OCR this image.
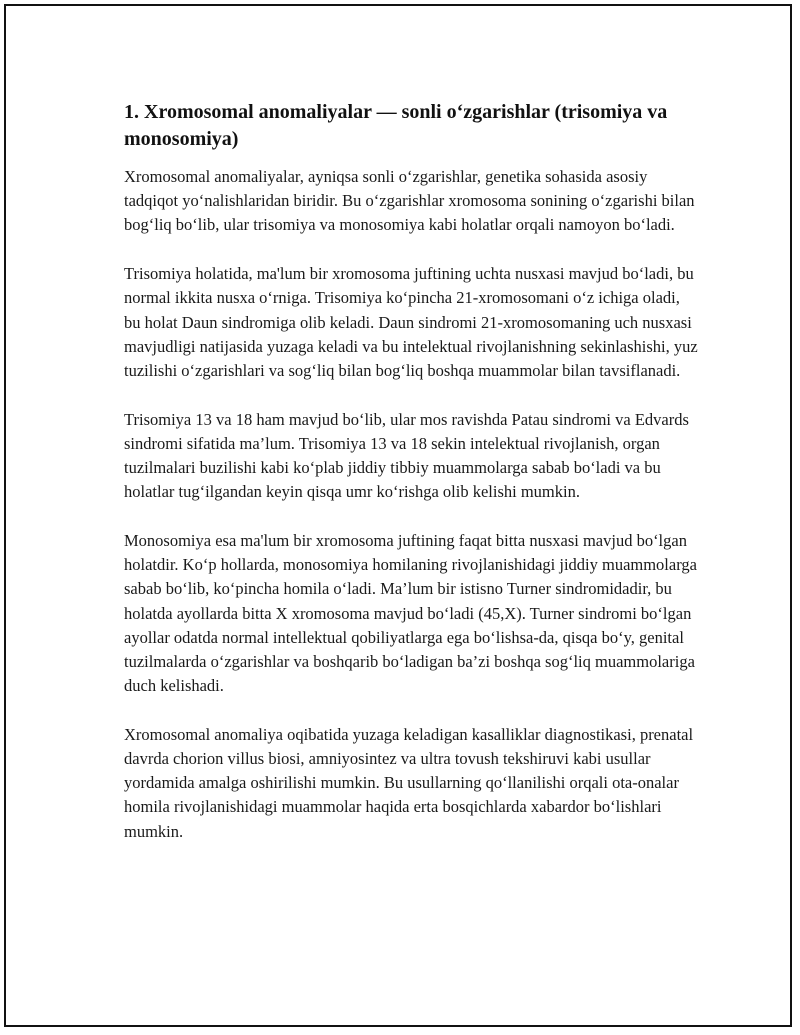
1. Xromosomal anomaliyalar — sonli o‘zgarishlar (trisomiya va monosomiya)

Xromosomal anomaliyalar, ayniqsa sonli o‘zgarishlar, genetika sohasida asosiy tadqiqot yo‘nalishlaridan biridir. Bu o‘zgarishlar xromosoma sonining o‘zgarishi bilan bog‘liq bo‘lib, ular trisomiya va monosomiya kabi holatlar orqali namoyon bo‘ladi.

Trisomiya holatida, ma'lum bir xromosoma juftining uchta nusxasi mavjud bo‘ladi, bu normal ikkita nusxa o‘rniga. Trisomiya ko‘pincha 21-xromosomani o‘z ichiga oladi, bu holat Daun sindromiga olib keladi. Daun sindromi 21-xromosomaning uch nusxasi mavjudligi natijasida yuzaga keladi va bu intelektual rivojlanishning sekinlashishi, yuz tuzilishi o‘zgarishlari va sog‘liq bilan bog‘liq boshqa muammolar bilan tavsiflanadi.

Trisomiya 13 va 18 ham mavjud bo‘lib, ular mos ravishda Patau sindromi va Edvards sindromi sifatida ma’lum. Trisomiya 13 va 18 sekin intelektual rivojlanish, organ tuzilmalari buzilishi kabi ko‘plab jiddiy tibbiy muammolarga sabab bo‘ladi va bu holatlar tug‘ilgandan keyin qisqa umr ko‘rishga olib kelishi mumkin.

Monosomiya esa ma'lum bir xromosoma juftining faqat bitta nusxasi mavjud bo‘lgan holatdir. Ko‘p hollarda, monosomiya homilaning rivojlanishidagi jiddiy muammolarga sabab bo‘lib, ko‘pincha homila o‘ladi. Ma’lum bir istisno Turner sindromidadir, bu holatda ayollarda bitta X xromosoma mavjud bo‘ladi (45,X). Turner sindromi bo‘lgan ayollar odatda normal intellektual qobiliyatlarga ega bo‘lishsa-da, qisqa bo‘y, genital tuzilmalarda o‘zgarishlar va boshqarib bo‘ladigan ba’zi boshqa sog‘liq muammolariga duch kelishadi.

Xromosomal anomaliya oqibatida yuzaga keladigan kasalliklar diagnostikasi, prenatal davrda chorion villus biosi, amniyosintez va ultra tovush tekshiruvi kabi usullar yordamida amalga oshirilishi mumkin. Bu usullarning qo‘llanilishi orqali ota-onalar homila rivojlanishidagi muammolar haqida erta bosqichlarda xabardor bo‘lishlari mumkin.
